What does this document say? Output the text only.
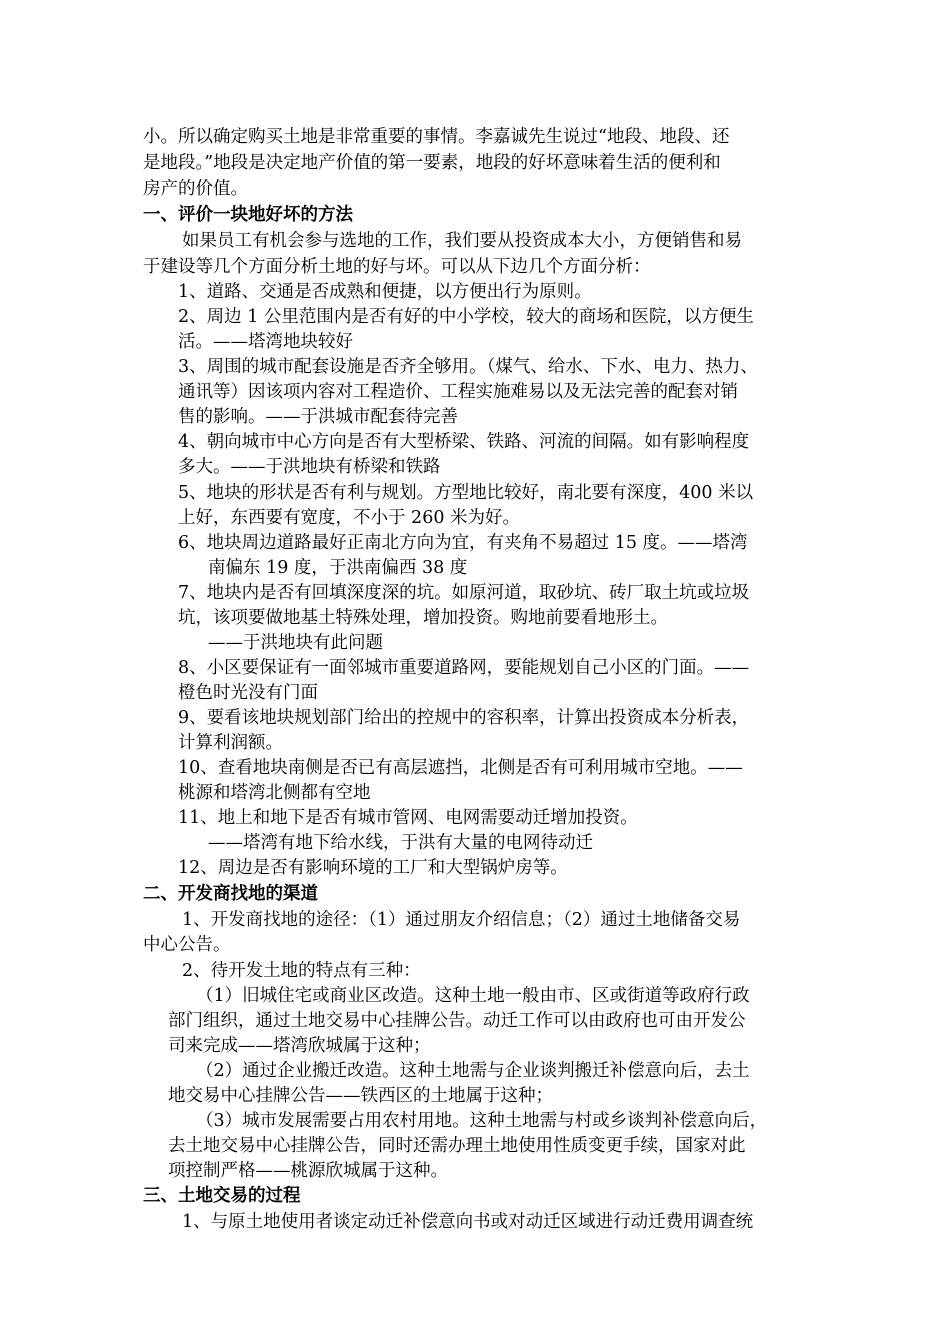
小。所以确定购买土地是非常重要的事情。李嘉诚先生说过“地段、地段、还
是地段。”地段是决定地产价值的第一要素，地段的好坏意味着生活的便利和
房产的价值。
一、评价一块地好坏的方法
如果员工有机会参与选地的工作，我们要从投资成本大小，方便销售和易
于建设等几个方面分析土地的好与坏。可以从下边几个方面分析：
1、道路、交通是否成熟和便捷，以方便出行为原则。
2、周边 1 公里范围内是否有好的中小学校，较大的商场和医院，以方便生
活。——塔湾地块较好
3、周围的城市配套设施是否齐全够用。（煤气、给水、下水、电力、热力、
通讯等）因该项内容对工程造价、工程实施难易以及无法完善的配套对销
售的影响。——于洪城市配套待完善
4、朝向城市中心方向是否有大型桥梁、铁路、河流的间隔。如有影响程度
多大。——于洪地块有桥梁和铁路
5、地块的形状是否有利与规划。方型地比较好，南北要有深度，400 米以
上好，东西要有宽度，不小于 260 米为好。
6、地块周边道路最好正南北方向为宜，有夹角不易超过 15 度。——塔湾
南偏东 19 度，于洪南偏西 38 度
7、地块内是否有回填深度深的坑。如原河道，取砂坑、砖厂取土坑或垃圾
坑，该项要做地基土特殊处理，增加投资。购地前要看地形土。
——于洪地块有此问题
8、小区要保证有一面邻城市重要道路网，要能规划自己小区的门面。——
橙色时光没有门面
9、要看该地块规划部门给出的控规中的容积率，计算出投资成本分析表，
计算利润额。
10、查看地块南侧是否已有高层遮挡，北侧是否有可利用城市空地。——
桃源和塔湾北侧都有空地
11、地上和地下是否有城市管网、电网需要动迁增加投资。
——塔湾有地下给水线，于洪有大量的电网待动迁
12、周边是否有影响环境的工厂和大型锅炉房等。
二、开发商找地的渠道
1、开发商找地的途径：（1）通过朋友介绍信息；（2）通过土地储备交易
中心公告。
2、待开发土地的特点有三种：
（1）旧城住宅或商业区改造。这种土地一般由市、区或街道等政府行政
部门组织，通过土地交易中心挂牌公告。动迁工作可以由政府也可由开发公
司来完成——塔湾欣城属于这种；
（2）通过企业搬迁改造。这种土地需与企业谈判搬迁补偿意向后，去土
地交易中心挂牌公告——铁西区的土地属于这种；
（3）城市发展需要占用农村用地。这种土地需与村或乡谈判补偿意向后，
去土地交易中心挂牌公告，同时还需办理土地使用性质变更手续，国家对此
项控制严格——桃源欣城属于这种。
三、土地交易的过程
1、与原土地使用者谈定动迁补偿意向书或对动迁区域进行动迁费用调查统
